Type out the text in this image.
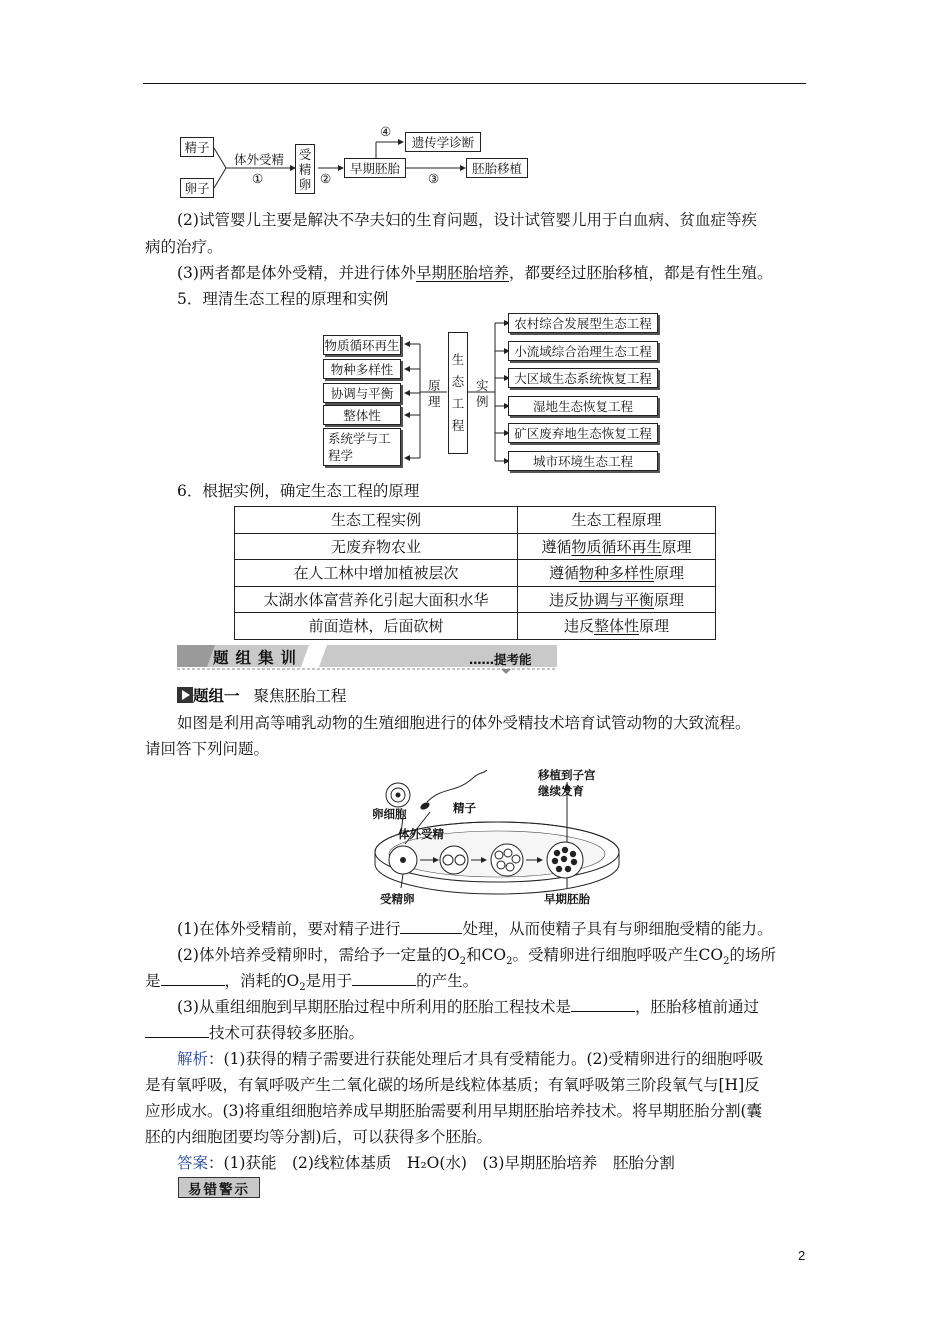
精子
卵子
体外受精
①
受
精
卵 ②
早期胚胎
③
④
遗传学诊断
胚胎移植
(2)试管婴儿主要是解决不孕夫妇的生育问题，设计试管婴儿用于白血病、贫血症等疾
病的治疗。
(3)两者都是体外受精，并进行体外早期胚胎培养，都要经过胚胎移植，都是有性生殖。
5．理清生态工程的原理和实例
物质循环再生
物种多样性
协调与平衡
整体性
系统学与工
程学
原
理
生
态
工
程
实
例
农村综合发展型生态工程
小流域综合治理生态工程
大区域生态系统恢复工程
湿地生态恢复工程
矿区废弃地生态恢复工程
城市环境生态工程
6．根据实例，确定生态工程的原理
生态工程实例	生态工程原理
无废弃物农业	遵循物质循环再生原理
在人工林中增加植被层次	遵循物种多样性原理
太湖水体富营养化引起大面积水华	违反协调与平衡原理
前面造林，后面砍树	违反整体性原理
题组集训	……提考能
题组一 聚焦胚胎工程
如图是利用高等哺乳动物的生殖细胞进行的体外受精技术培育试管动物的大致流程。
请回答下列问题。
移植到子宫
继续发育
卵细胞	精子
体外受精
受精卵	早期胚胎
(1)在体外受精前，要对精子进行	处理，从而使精子具有与卵细胞受精的能力。
(2)体外培养受精卵时，需给予一定量的$O_2$和$CO_2$。受精卵进行细胞呼吸产生$CO_2$的场所
是	，消耗的$O_2$是用于	的产生。
(3)从重组细胞到早期胚胎过程中所利用的胚胎工程技术是	，胚胎移植前通过
技术可获得较多胚胎。
解析：(1)获得的精子需要进行获能处理后才具有受精能力。(2)受精卵进行的细胞呼吸
是有氧呼吸，有氧呼吸产生二氧化碳的场所是线粒体基质；有氧呼吸第三阶段氧气与[H]反
应形成水。(3)将重组细胞培养成早期胚胎需要利用早期胚胎培养技术。将早期胚胎分割(囊
胚的内细胞团要均等分割)后，可以获得多个胚胎。
答案：(1)获能　(2)线粒体基质　H₂O(水)　(3)早期胚胎培养　胚胎分割
易错警示
2
